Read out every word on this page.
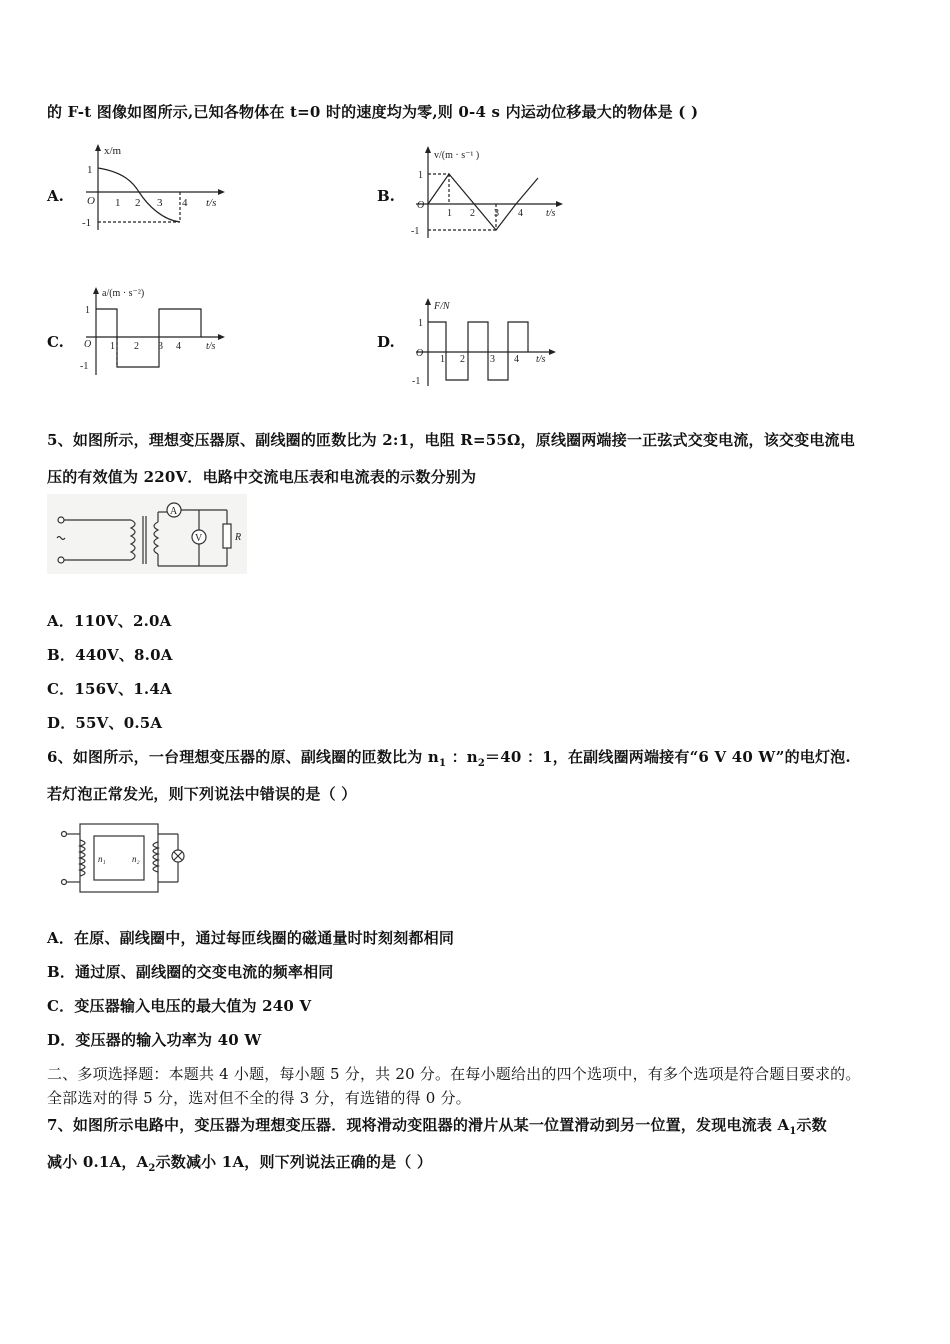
的 F-t 图像如图所示,已知各物体在 t=0 时的速度均为零,则 0-4 s 内运动位移最大的物体是 ( )
A.
x/m
t/s
O
1
-1
1 2 3 4	B.
v/(m · s⁻¹ )
t/s
O
1
-1
1 2 3 4
C.
a/(m · s⁻²)
t/s
O
1
-1
1 2 3 4	D.
F/N
t/s
O
1
-1
1 2	3 4
5、如图所示，理想变压器原、副线圈的匝数比为 2:1，电阻 R=55Ω，原线圈两端接一正弦式交变电流，该交变电流电
压的有效值为 220V．电路中交流电压表和电流表的示数分别为
A
V	R
A．110V、2.0A
B．440V、8.0A
C．156V、1.4A
D．55V、0.5A
6、如图所示，一台理想变压器的原、副线圈的匝数比为 $n_1$ ：$n_2=40$ ：1，在副线圈两端接有“6 V 40 W”的电灯泡.
若灯泡正常发光，则下列说法中错误的是（ ）
n₁	n₂
A．在原、副线圈中，通过每匝线圈的磁通量时时刻刻都相同
B．通过原、副线圈的交变电流的频率相同
C．变压器输入电压的最大值为 240 V
D．变压器的输入功率为 40 W
二、多项选择题：本题共 4 小题，每小题 5 分，共 20 分。在每小题给出的四个选项中，有多个选项是符合题目要求的。
全部选对的得 5 分，选对但不全的得 3 分，有选错的得 0 分。
7、如图所示电路中，变压器为理想变压器．现将滑动变阻器的滑片从某一位置滑动到另一位置，发现电流表 $A_1$示数
减小 0.1A，$A_2$示数减小 1A，则下列说法正确的是（ ）
